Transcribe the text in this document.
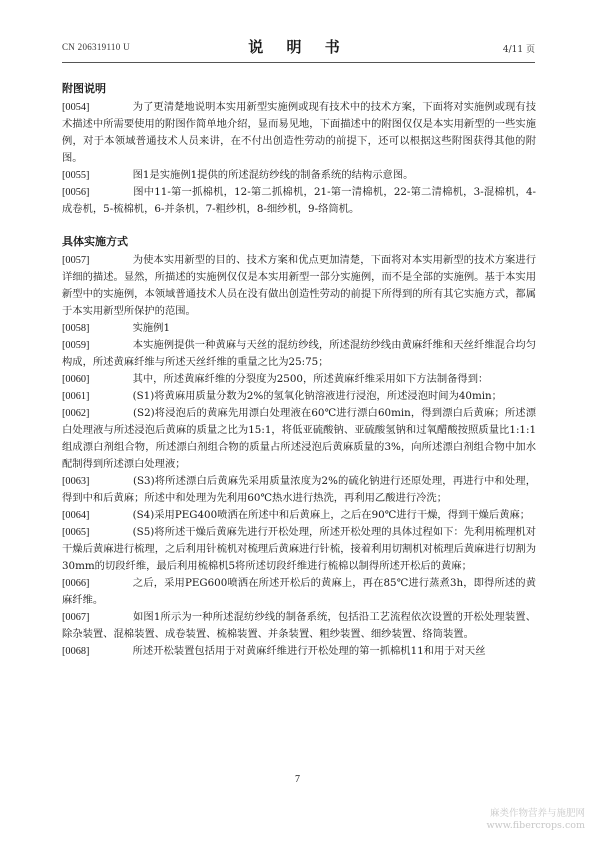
CN 206319110 U	说 明 书	4/11 页
附图说明
[0054]　　为了更清楚地说明本实用新型实施例或现有技术中的技术方案，下面将对实施例或现有技术描述中所需要使用的附图作简单地介绍，显而易见地，下面描述中的附图仅仅是本实用新型的一些实施例，对于本领域普通技术人员来讲，在不付出创造性劳动的前提下，还可以根据这些附图获得其他的附图。
[0055]　　图1是实施例1提供的所述混纺纱线的制备系统的结构示意图。
[0056]　　图中11-第一抓棉机，12-第二抓棉机，21-第一清棉机，22-第二清棉机，3-混棉机，4-成卷机，5-梳棉机，6-并条机，7-粗纱机，8-细纱机，9-络筒机。
具体实施方式
[0057]　　为使本实用新型的目的、技术方案和优点更加清楚，下面将对本实用新型的技术方案进行详细的描述。显然，所描述的实施例仅仅是本实用新型一部分实施例，而不是全部的实施例。基于本实用新型中的实施例，本领域普通技术人员在没有做出创造性劳动的前提下所得到的所有其它实施方式，都属于本实用新型所保护的范围。
[0058]　　实施例1
[0059]　　本实施例提供一种黄麻与天丝的混纺纱线，所述混纺纱线由黄麻纤维和天丝纤维混合均匀构成，所述黄麻纤维与所述天丝纤维的重量之比为25:75；
[0060]　　其中，所述黄麻纤维的分裂度为2500，所述黄麻纤维采用如下方法制备得到：
[0061]　　(S1)将黄麻用质量分数为2%的氢氧化钠溶液进行浸泡，所述浸泡时间为40min；
[0062]　　(S2)将浸泡后的黄麻先用漂白处理液在60℃进行漂白60min，得到漂白后黄麻；所述漂白处理液与所述浸泡后黄麻的质量之比为15:1，将低亚硫酸钠、亚硫酸氢钠和过氧醋酸按照质量比1:1:1组成漂白剂组合物，所述漂白剂组合物的质量占所述浸泡后黄麻质量的3%，向所述漂白剂组合物中加水配制得到所述漂白处理液；
[0063]　　(S3)将所述漂白后黄麻先采用质量浓度为2%的硫化钠进行还原处理，再进行中和处理，得到中和后黄麻；所述中和处理为先利用60℃热水进行热洗，再利用乙酸进行冷洗；
[0064]　　(S4)采用PEG400喷洒在所述中和后黄麻上，之后在90℃进行干燥，得到干燥后黄麻；
[0065]　　(S5)将所述干燥后黄麻先进行开松处理，所述开松处理的具体过程如下：先利用梳理机对干燥后黄麻进行梳理，之后利用针梳机对梳理后黄麻进行针梳，接着利用切割机对梳理后黄麻进行切割为30mm的切段纤维，最后利用梳棉机5将所述切段纤维进行梳棉以制得所述开松后的黄麻；
[0066]　　之后，采用PEG600喷洒在所述开松后的黄麻上，再在85℃进行蒸煮3h，即得所述的黄麻纤维。
[0067]　　如图1所示为一种所述混纺纱线的制备系统，包括沿工艺流程依次设置的开松处理装置、除杂装置、混棉装置、成卷装置、梳棉装置、并条装置、粗纱装置、细纱装置、络筒装置。
[0068]　　所述开松装置包括用于对黄麻纤维进行开松处理的第一抓棉机11和用于对天丝
7
麻类作物营养与施肥网
www.fibercrops.com
